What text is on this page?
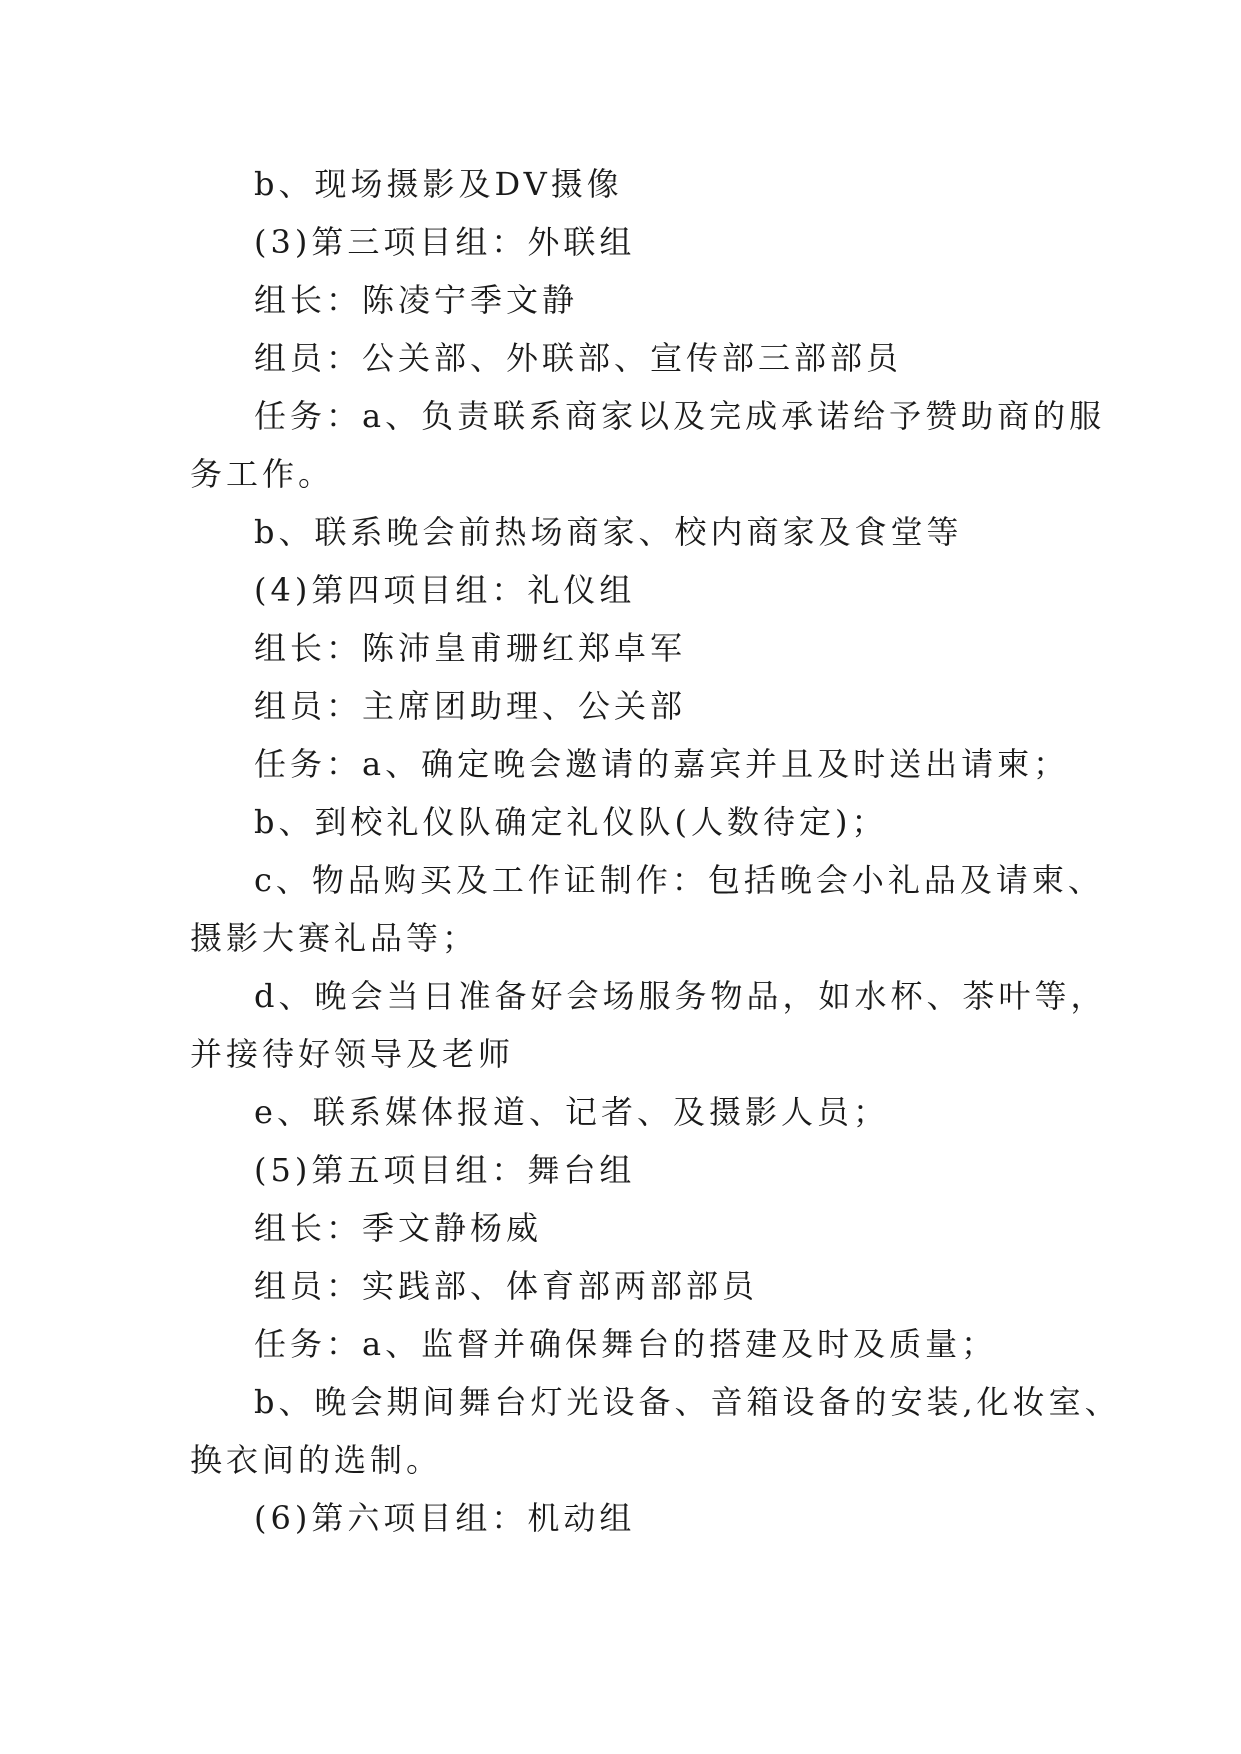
b、现场摄影及DV摄像
(3)第三项目组：外联组
组长：陈凌宁季文静
组员：公关部、外联部、宣传部三部部员
任务：a、负责联系商家以及完成承诺给予赞助商的服
务工作。
b、联系晚会前热场商家、校内商家及食堂等
(4)第四项目组：礼仪组
组长：陈沛皇甫珊红郑卓军
组员：主席团助理、公关部
任务：a、确定晚会邀请的嘉宾并且及时送出请柬；
b、到校礼仪队确定礼仪队(人数待定)；
c、物品购买及工作证制作：包括晚会小礼品及请柬、
摄影大赛礼品等；
d、晚会当日准备好会场服务物品，如水杯、茶叶等，
并接待好领导及老师
e、联系媒体报道、记者、及摄影人员；
(5)第五项目组：舞台组
组长：季文静杨威
组员：实践部、体育部两部部员
任务：a、监督并确保舞台的搭建及时及质量；
b、晚会期间舞台灯光设备、音箱设备的安装,化妆室、
换衣间的选制。
(6)第六项目组：机动组
